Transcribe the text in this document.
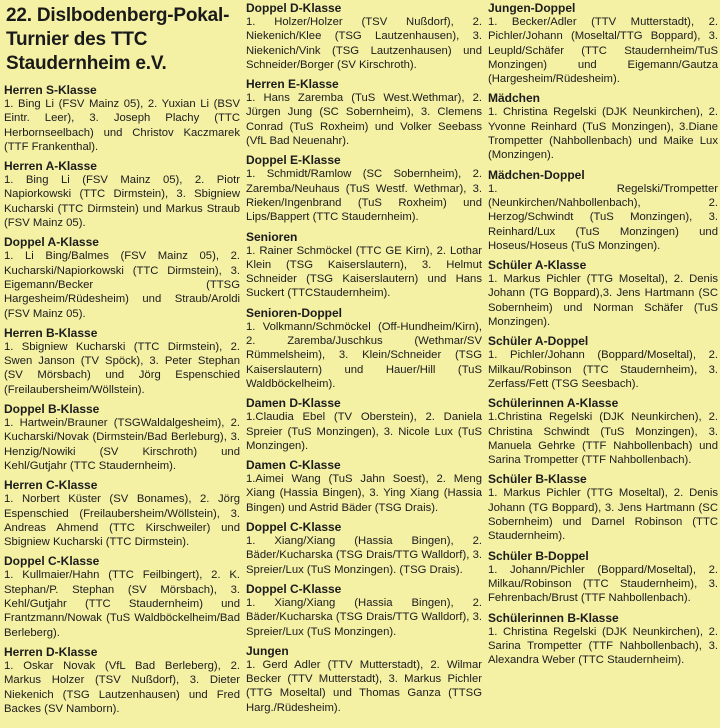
22. Dislbodenberg-Pokal-Turnier des TTC Staudernheim e.V.
Herren S-Klasse
1. Bing Li (FSV Mainz 05), 2. Yuxian Li (BSV Eintr. Leer), 3. Joseph Plachy (TTC Herbornseelbach) und Christov Kaczmarek (TTF Frankenthal).
Herren A-Klasse
1. Bing Li (FSV Mainz 05), 2. Piotr Napiorkowski (TTC Dirmstein), 3. Sbigniew Kucharski (TTC Dirmstein) und Markus Straub (FSV Mainz 05).
Doppel A-Klasse
1. Li Bing/Balmes (FSV Mainz 05), 2. Kucharski/Napiorkowski (TTC Dirmstein), 3. Eigemann/Becker (TTSG Hargesheim/Rüdesheim) und Straub/Aroldi (FSV Mainz 05).
Herren B-Klasse
1. Sbigniew Kucharski (TTC Dirmstein), 2. Swen Janson (TV Spöck), 3. Peter Stephan (SV Mörsbach) und Jörg Espenschied (Freilaubersheim/Wöllstein).
Doppel B-Klasse
1. Hartwein/Brauner (TSGWaldalgesheim), 2. Kucharski/Novak (Dirmstein/Bad Berleburg), 3. Henzig/Nowiki (SV Kirschroth) und Kehl/Gutjahr (TTC Staudernheim).
Herren C-Klasse
1. Norbert Küster (SV Bonames), 2. Jörg Espenschied (Freilaubersheim/Wöllstein), 3. Andreas Ahmend (TTC Kirschweiler) und Sbigniew Kucharski (TTC Dirmstein).
Doppel C-Klasse
1. Kullmaier/Hahn (TTC Feilbingert), 2. K. Stephan/P. Stephan (SV Mörsbach), 3. Kehl/Gutjahr (TTC Staudernheim) und Frantzmann/Nowak (TuS Waldböckelheim/Bad Berleberg).
Herren D-Klasse
1. Oskar Novak (VfL Bad Berleberg), 2. Markus Holzer (TSV Nußdorf), 3. Dieter Niekenich (TSG Lautzenhausen) und Fred Backes (SV Namborn).
Doppel D-Klasse
1. Holzer/Holzer (TSV Nußdorf), 2. Niekenich/Klee (TSG Lautzenhausen), 3. Niekenich/Vink (TSG Lautzenhausen) und Schneider/Borger (SV Kirschroth).
Herren E-Klasse
1. Hans Zaremba (TuS West.Wethmar), 2. Jürgen Jung (SC Sobernheim), 3. Clemens Conrad (TuS Roxheim) und Volker Seebass (VfL Bad Neuenahr).
Doppel E-Klasse
1. Schmidt/Ramlow (SC Sobernheim), 2. Zaremba/Neuhaus (TuS Westf. Wethmar), 3. Rieken/Ingenbrand (TuS Roxheim) und Lips/Bappert (TTC Staudernheim).
Senioren
1. Rainer Schmöckel (TTC GE Kirn), 2. Lothar Klein (TSG Kaiserslautern), 3. Helmut Schneider (TSG Kaiserslautern) und Hans Suckert (TTCStaudernheim).
Senioren-Doppel
1. Volkmann/Schmöckel (Off-Hundheim/Kirn), 2. Zaremba/Juschkus (Wethmar/SV Rümmelsheim), 3. Klein/Schneider (TSG Kaiserslautern) und Hauer/Hill (TuS Waldböckelheim).
Damen D-Klasse
1.Claudia Ebel (TV Oberstein), 2. Daniela Spreier (TuS Monzingen), 3. Nicole Lux (TuS Monzingen).
Damen C-Klasse
1.Aimei Wang (TuS Jahn Soest), 2. Meng Xiang (Hassia Bingen), 3. Ying Xiang (Hassia Bingen) und Astrid Bäder (TSG Drais).
Doppel C-Klasse
1. Xiang/Xiang (Hassia Bingen), 2. Bäder/Kucharska (TSG Drais/TTG Walldorf), 3. Spreier/Lux (TuS Monzingen). (TSG Drais).
Doppel C-Klasse
1. Xiang/Xiang (Hassia Bingen), 2. Bäder/Kucharska (TSG Drais/TTG Walldorf), 3. Spreier/Lux (TuS Monzingen).
Jungen
1. Gerd Adler (TTV Mutterstadt), 2. Wilmar Becker (TTV Mutterstadt), 3. Markus Pichler (TTG Moseltal) und Thomas Ganza (TTSG Harg./Rüdesheim).
Jungen-Doppel
1. Becker/Adler (TTV Mutterstadt), 2. Pichler/Johann (Moseltal/TTG Boppard), 3. Leupld/Schäfer (TTC Staudernheim/TuS Monzingen) und Eigemann/Gautza (Hargesheim/Rüdesheim).
Mädchen
1. Christina Regelski (DJK Neunkirchen), 2. Yvonne Reinhard (TuS Monzingen), 3.Diane Trompetter (Nahbollenbach) und Maike Lux (Monzingen).
Mädchen-Doppel
1. Regelski/Trompetter (Neunkirchen/Nahbollenbach), 2. Herzog/Schwindt (TuS Monzingen), 3. Reinhard/Lux (TuS Monzingen) und Hoseus/Hoseus (TuS Monzingen).
Schüler A-Klasse
1. Markus Pichler (TTG Moseltal), 2. Denis Johann (TG Boppard),3. Jens Hartmann (SC Sobernheim) und Norman Schäfer (TuS Monzingen).
Schüler A-Doppel
1. Pichler/Johann (Boppard/Moseltal), 2. Milkau/Robinson (TTC Staudernheim), 3. Zerfass/Fett (TSG Seesbach).
Schülerinnen A-Klasse
1.Christina Regelski (DJK Neunkirchen), 2. Christina Schwindt (TuS Monzingen), 3. Manuela Gehrke (TTF Nahbollenbach) und Sarina Trompetter (TTF Nahbollenbach).
Schüler B-Klasse
1. Markus Pichler (TTG Moseltal), 2. Denis Johann (TG Boppard), 3. Jens Hartmann (SC Sobernheim) und Darnel Robinson (TTC Staudernheim).
Schüler B-Doppel
1. Johann/Pichler (Boppard/Moseltal), 2. Milkau/Robinson (TTC Staudernheim), 3. Fehrenbach/Brust (TTF Nahbollenbach).
Schülerinnen B-Klasse
1. Christina Regelski (DJK Neunkirchen), 2. Sarina Trompetter (TTF Nahbollenbach), 3. Alexandra Weber (TTC Staudernheim).
